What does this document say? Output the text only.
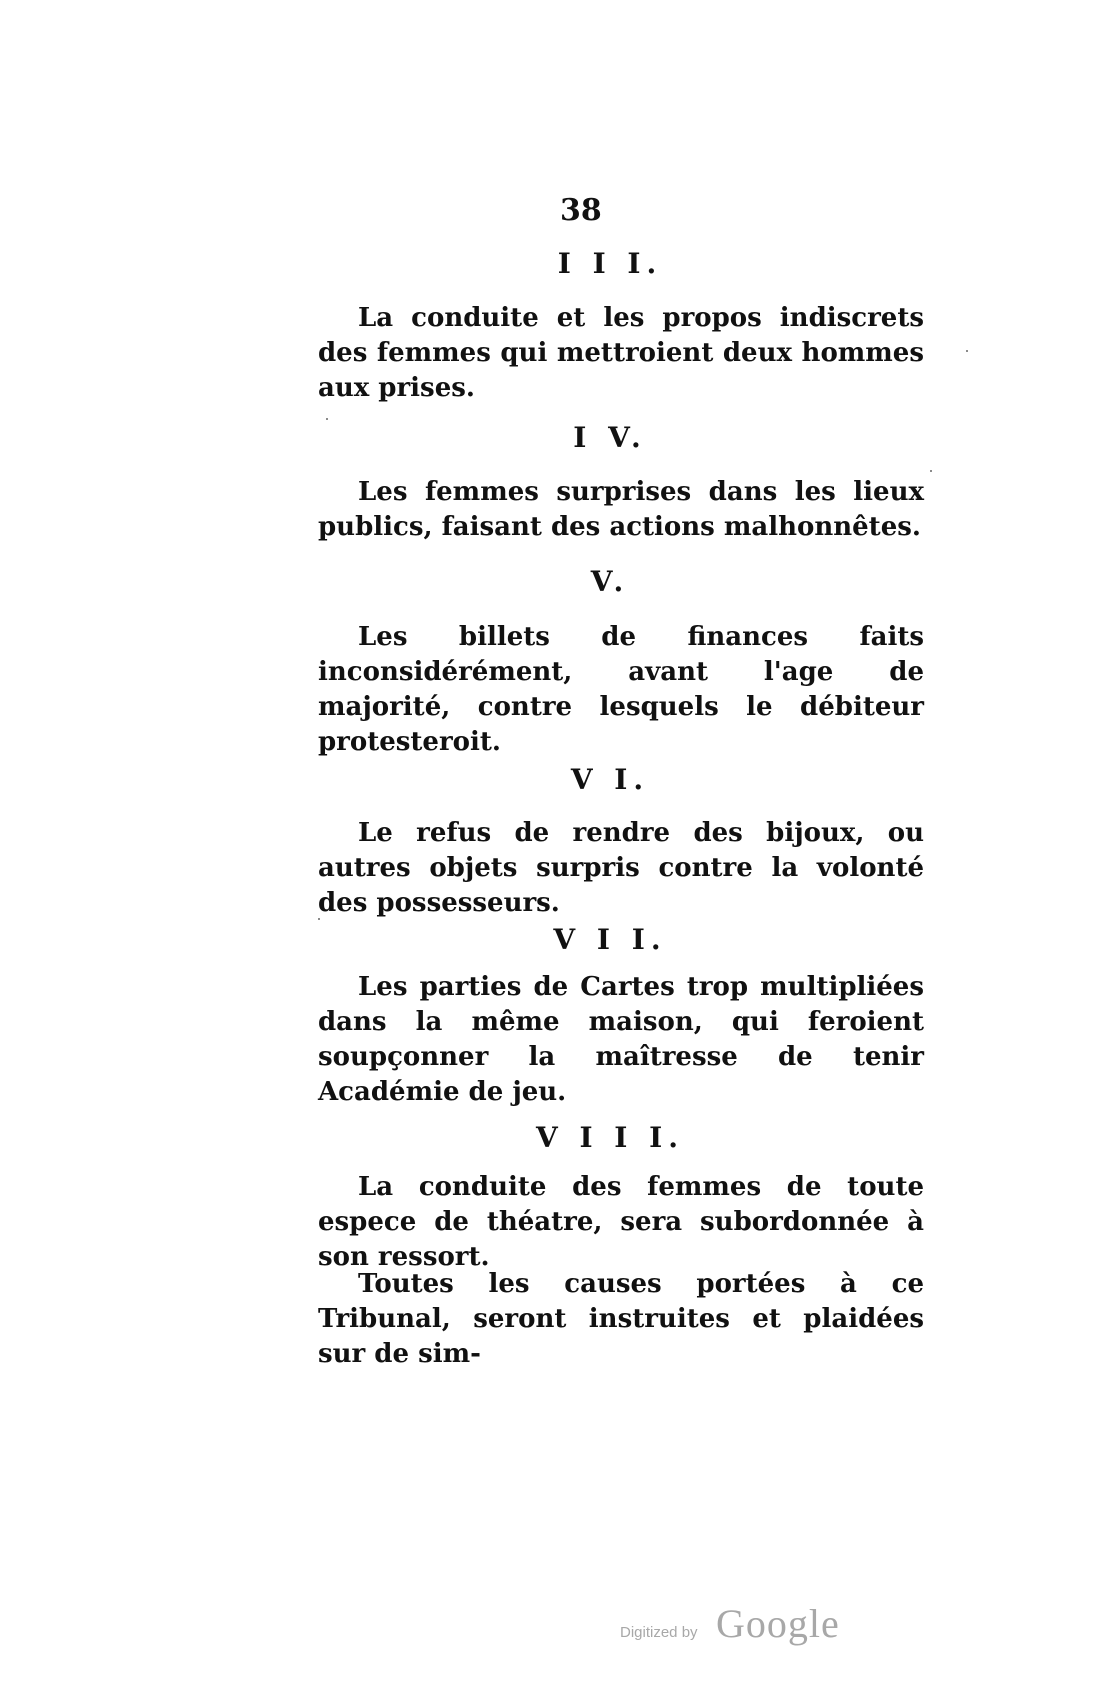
38
I I I.

La conduite et les propos indiscrets des femmes qui mettroient deux hommes aux prises.

I V.

Les femmes surprises dans les lieux publics, faisant des actions malhonnêtes.

V.

Les billets de finances faits inconsidérément, avant l'age de majorité, contre lesquels le débiteur protesteroit.

V I.

Le refus de rendre des bijoux, ou autres objets surpris contre la volonté des possesseurs.

V I I.

Les parties de Cartes trop multipliées dans la même maison, qui feroient soupçonner la maîtresse de tenir Académie de jeu.

V I I I.

La conduite des femmes de toute espece de théatre, sera subordonnée à son ressort.

Toutes les causes portées à ce Tribunal, seront instruites et plaidées sur de sim-

Digitized by Google
